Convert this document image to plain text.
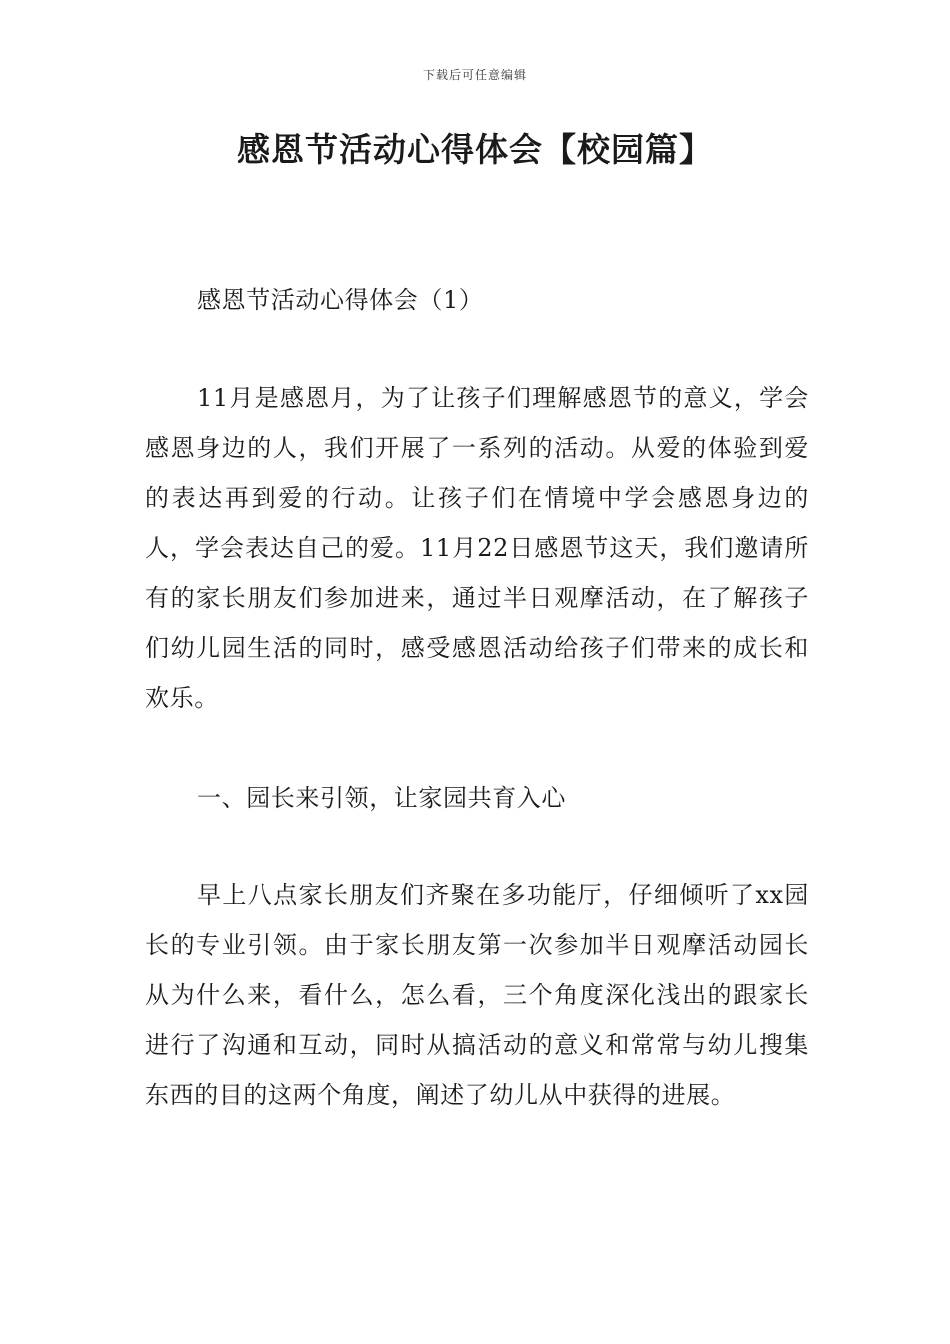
下载后可任意编辑
感恩节活动心得体会【校园篇】

感恩节活动心得体会（1）

11月是感恩月，为了让孩子们理解感恩节的意义，学会感恩身边的人，我们开展了一系列的活动。从爱的体验到爱的表达再到爱的行动。让孩子们在情境中学会感恩身边的人，学会表达自己的爱。11月22日感恩节这天，我们邀请所有的家长朋友们参加进来，通过半日观摩活动，在了解孩子们幼儿园生活的同时，感受感恩活动给孩子们带来的成长和欢乐。

一、园长来引领，让家园共育入心

早上八点家长朋友们齐聚在多功能厅，仔细倾听了xx园长的专业引领。由于家长朋友第一次参加半日观摩活动园长从为什么来，看什么，怎么看，三个角度深化浅出的跟家长进行了沟通和互动，同时从搞活动的意义和常常与幼儿搜集东西的目的这两个角度，阐述了幼儿从中获得的进展。
